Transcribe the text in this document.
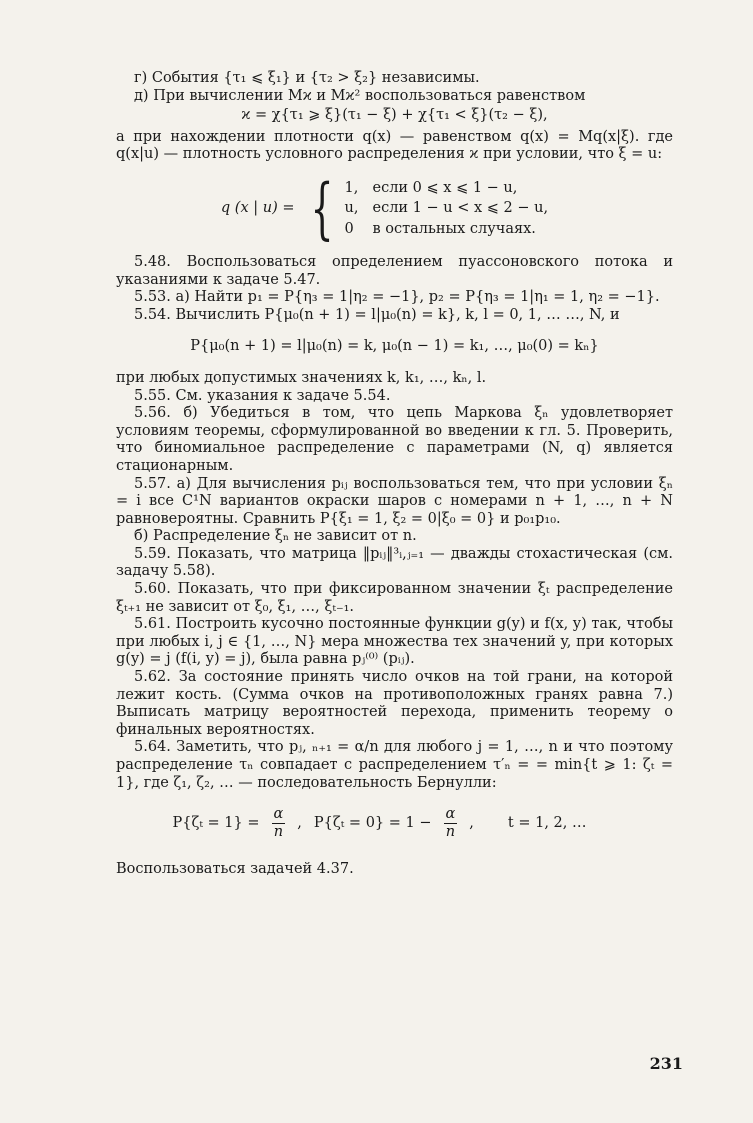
г) События {τ₁ ⩽ ξ₁} и {τ₂ > ξ₂} независимы.

д) При вычислении Mϰ и Mϰ² воспользоваться равенством

ϰ = χ{τ₁ ⩾ ξ}(τ₁ − ξ) + χ{τ₁ < ξ}(τ₂ − ξ),

а при нахождении плотности q(x) — равенством q(x) = Mq(x|ξ). где q(x|u) — плотность условного распределения ϰ при условии, что ξ = u:

q (x | u) = { 1, если 0 ⩽ x ⩽ 1 − u,
u, если 1 − u < x ⩽ 2 − u,
0	в остальных случаях.

5.48. Воспользоваться определением пуассоновского потока и указаниями к задаче 5.47.

5.53. а) Найти p₁ = P{η₃ = 1|η₂ = −1}, p₂ = P{η₃ = 1|η₁ = 1, η₂ = −1}.

5.54. Вычислить P{μ₀(n + 1) = l|μ₀(n) = k}, k, l = 0, 1, … …, N, и

P{μ₀(n + 1) = l|μ₀(n) = k, μ₀(n − 1) = k₁, …, μ₀(0) = kₙ}

при любых допустимых значениях k, k₁, …, kₙ, l.

5.55. См. указания к задаче 5.54.

5.56. б) Убедиться в том, что цепь Маркова ξₙ удовлетворяет условиям теоремы, сформулированной во введении к гл. 5. Проверить, что биномиальное распределение с параметрами (N, q) является стационарным.

5.57. а) Для вычисления pᵢⱼ воспользоваться тем, что при условии ξₙ = i все C¹N вариантов окраски шаров с номерами n + 1, …, n + N равновероятны. Сравнить P{ξ₁ = 1, ξ₂ = 0|ξ₀ = 0} и p₀₁p₁₀.

б) Распределение ξₙ не зависит от n.

5.59. Показать, что матрица ‖pᵢⱼ‖³ᵢ,ⱼ₌₁ — дважды стохастическая (см. задачу 5.58).

5.60. Показать, что при фиксированном значении ξₜ распределение ξₜ₊₁ не зависит от ξ₀, ξ₁, …, ξₜ₋₁.

5.61. Построить кусочно постоянные функции g(y) и f(x, y) так, чтобы при любых i, j ∈ {1, …, N} мера множества тех значений y, при которых g(y) = j (f(i, y) = j), была равна pⱼ⁽⁰⁾ (pᵢⱼ).

5.62. За состояние принять число очков на той грани, на которой лежит кость. (Сумма очков на противоположных гранях равна 7.) Выписать матрицу вероятностей перехода, применить теорему о финальных вероятностях.

5.64. Заметить, что pⱼ, ₙ₊₁ = α/n для любого j = 1, …, n и что поэтому распределение τₙ совпадает с распределением τ′ₙ = = min{t ⩾ 1: ζₜ = 1}, где ζ₁, ζ₂, … — последовательность Бернулли:

$P\{\zeta_t = 1\} = \frac{\alpha}{n}$ , $P\{\zeta_t = 0\} = 1 - \frac{\alpha}{n}$ , t = 1, 2, …

Воспользоваться задачей 4.37.

231
